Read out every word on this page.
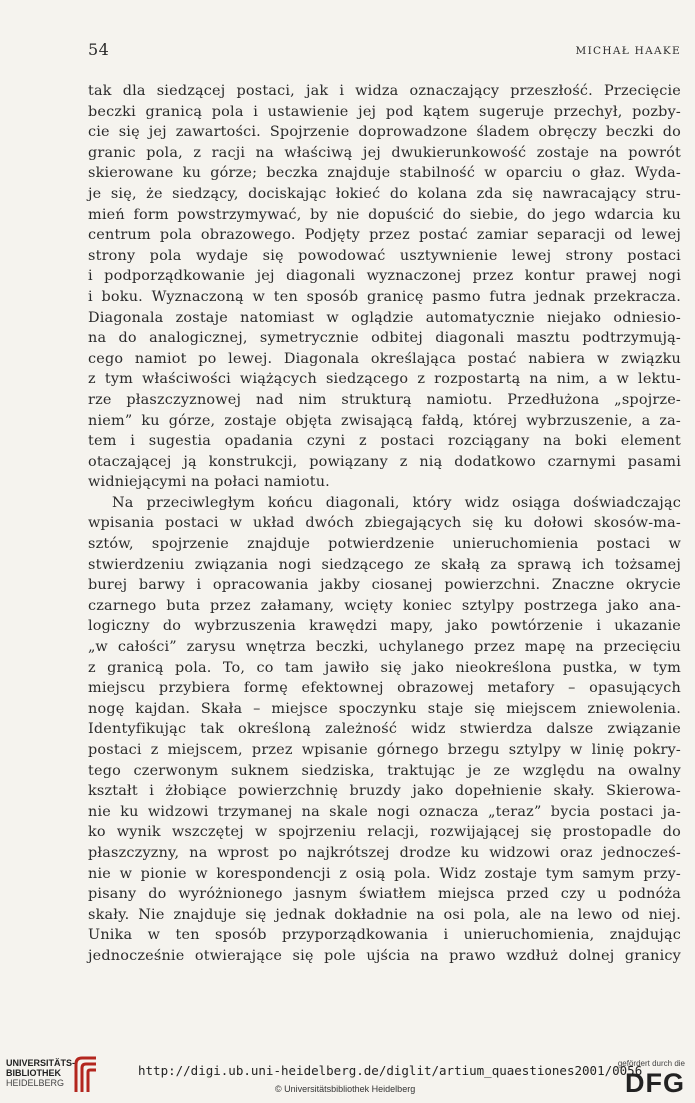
54	MICHAŁ HAAKE
tak dla siedzącej postaci, jak i widza oznaczający przeszłość. Przecięcie
beczki granicą pola i ustawienie jej pod kątem sugeruje przechył, pozby-
cie się jej zawartości. Spojrzenie doprowadzone śladem obręczy beczki do
granic pola, z racji na właściwą jej dwukierunkowość zostaje na powrót
skierowane ku górze; beczka znajduje stabilność w oparciu o głaz. Wyda-
je się, że siedzący, dociskając łokieć do kolana zda się nawracający stru-
mień form powstrzymywać, by nie dopuścić do siebie, do jego wdarcia ku
centrum pola obrazowego. Podjęty przez postać zamiar separacji od lewej
strony pola wydaje się powodować usztywnienie lewej strony postaci
i podporządkowanie jej diagonali wyznaczonej przez kontur prawej nogi
i boku. Wyznaczoną w ten sposób granicę pasmo futra jednak przekracza.
Diagonala zostaje natomiast w oglądzie automatycznie niejako odniesio-
na do analogicznej, symetrycznie odbitej diagonali masztu podtrzymują-
cego namiot po lewej. Diagonala określająca postać nabiera w związku
z tym właściwości wiążących siedzącego z rozpostartą na nim, a w lektu-
rze płaszczyznowej nad nim strukturą namiotu. Przedłużona „spojrze-
niem” ku górze, zostaje objęta zwisającą fałdą, której wybrzuszenie, a za-
tem i sugestia opadania czyni z postaci rozciągany na boki element
otaczającej ją konstrukcji, powiązany z nią dodatkowo czarnymi pasami
widniejącymi na połaci namiotu.
Na przeciwległym końcu diagonali, który widz osiąga doświadczając
wpisania postaci w układ dwóch zbiegających się ku dołowi skosów-ma-
sztów, spojrzenie znajduje potwierdzenie unieruchomienia postaci w
stwierdzeniu związania nogi siedzącego ze skałą za sprawą ich tożsamej
burej barwy i opracowania jakby ciosanej powierzchni. Znaczne okrycie
czarnego buta przez załamany, wcięty koniec sztylpy postrzega jako ana-
logiczny do wybrzuszenia krawędzi mapy, jako powtórzenie i ukazanie
„w całości” zarysu wnętrza beczki, uchylanego przez mapę na przecięciu
z granicą pola. To, co tam jawiło się jako nieokreślona pustka, w tym
miejscu przybiera formę efektownej obrazowej metafory – opasujących
nogę kajdan. Skała – miejsce spoczynku staje się miejscem zniewolenia.
Identyfikując tak określoną zależność widz stwierdza dalsze związanie
postaci z miejscem, przez wpisanie górnego brzegu sztylpy w linię pokry-
tego czerwonym suknem siedziska, traktując je ze względu na owalny
kształt i żłobiące powierzchnię bruzdy jako dopełnienie skały. Skierowa-
nie ku widzowi trzymanej na skale nogi oznacza „teraz” bycia postaci ja-
ko wynik wszczętej w spojrzeniu relacji, rozwijającej się prostopadle do
płaszczyzny, na wprost po najkrótszej drodze ku widzowi oraz jednocześ-
nie w pionie w korespondencji z osią pola. Widz zostaje tym samym przy-
pisany do wyróżnionego jasnym światłem miejsca przed czy u podnóża
skały. Nie znajduje się jednak dokładnie na osi pola, ale na lewo od niej.
Unika w ten sposób przyporządkowania i unieruchomienia, znajdując
jednocześnie otwierające się pole ujścia na prawo wzdłuż dolnej granicy
UNIVERSITÄTS-
BIBLIOTHEK
HEIDELBERG
http://digi.ub.uni-heidelberg.de/diglit/artium_quaestiones2001/0056
© Universitätsbibliothek Heidelberg
gefördert durch die
DFG
